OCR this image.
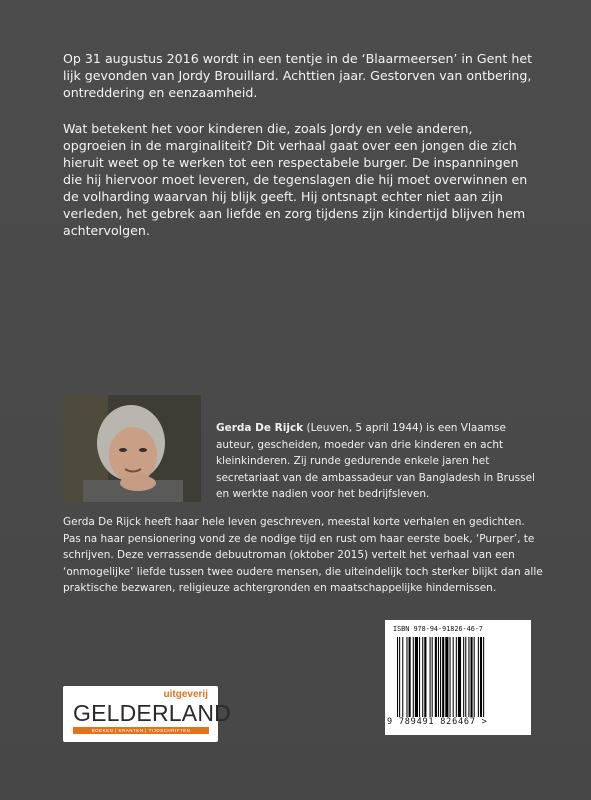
Op 31 augustus 2016 wordt in een tentje in de ‘Blaarmeersen’ in Gent het lijk gevonden van Jordy Brouillard. Achttien jaar. Gestorven van ontbering, ontreddering en eenzaamheid.

Wat betekent het voor kinderen die, zoals Jordy en vele anderen, opgroeien in de marginaliteit? Dit verhaal gaat over een jongen die zich hieruit weet op te werken tot een respectabele burger. De inspanningen die hij hiervoor moet leveren, de tegenslagen die hij moet overwinnen en de volharding waarvan hij blijk geeft. Hij ontsnapt echter niet aan zijn verleden, het gebrek aan liefde en zorg tijdens zijn kindertijd blijven hem achtervolgen.

Gerda De Rijck (Leuven, 5 april 1944) is een Vlaamse auteur, gescheiden, moeder van drie kinderen en acht kleinkinderen. Zij runde gedurende enkele jaren het secretariaat van de ambassadeur van Bangladesh in Brussel en werkte nadien voor het bedrijfsleven.

Gerda De Rijck heeft haar hele leven geschreven, meestal korte verhalen en gedichten. Pas na haar pensionering vond ze de nodige tijd en rust om haar eerste boek, ‘Purper’, te schrijven. Deze verrassende debuutroman (oktober 2015) vertelt het verhaal van een ‘onmogelijke’ liefde tussen twee oudere mensen, die uiteindelijk toch sterker blijkt dan alle praktische bezwaren, religieuze achtergronden en maatschappelijke hindernissen.

uitgeverij
GELDERLAND
BOEKEN | KRANTEN | TIJDSCHRIFTEN
ISBN 978-94-91826-46-7
9 789491 826467 >
